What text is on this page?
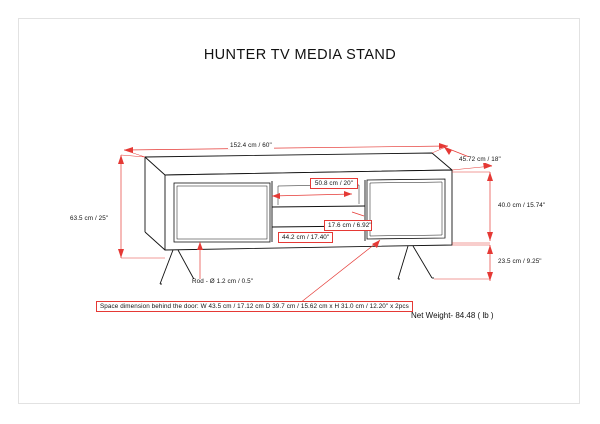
HUNTER TV MEDIA STAND
152.4 cm / 60"
45.72 cm / 18"
63.5 cm / 25"
40.0 cm / 15.74"
23.5 cm / 9.25"
50.8 cm / 20"
17.6 cm / 6.92"
44.2 cm / 17.40"
Rod - Ø 1.2 cm / 0.5"
Space dimension behind the door: W 43.5 cm / 17.12 cm D 39.7 cm / 15.62 cm x H 31.0 cm / 12.20" x 2pcs
Net Weight- 84.48 ( lb )
